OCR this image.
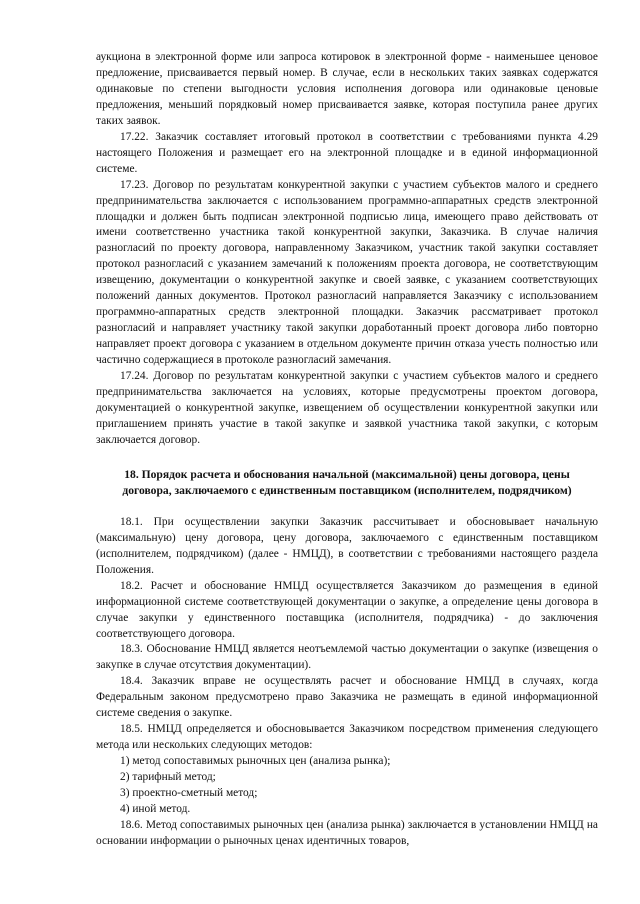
аукциона в электронной форме или запроса котировок в электронной форме - наименьшее ценовое предложение, присваивается первый номер. В случае, если в нескольких таких заявках содержатся одинаковые по степени выгодности условия исполнения договора или одинаковые ценовые предложения, меньший порядковый номер присваивается заявке, которая поступила ранее других таких заявок.

17.22. Заказчик составляет итоговый протокол в соответствии с требованиями пункта 4.29 настоящего Положения и размещает его на электронной площадке и в единой информационной системе.

17.23. Договор по результатам конкурентной закупки с участием субъектов малого и среднего предпринимательства заключается с использованием программно-аппаратных средств электронной площадки и должен быть подписан электронной подписью лица, имеющего право действовать от имени соответственно участника такой конкурентной закупки, Заказчика. В случае наличия разногласий по проекту договора, направленному Заказчиком, участник такой закупки составляет протокол разногласий с указанием замечаний к положениям проекта договора, не соответствующим извещению, документации о конкурентной закупке и своей заявке, с указанием соответствующих положений данных документов. Протокол разногласий направляется Заказчику с использованием программно-аппаратных средств электронной площадки. Заказчик рассматривает протокол разногласий и направляет участнику такой закупки доработанный проект договора либо повторно направляет проект договора с указанием в отдельном документе причин отказа учесть полностью или частично содержащиеся в протоколе разногласий замечания.

17.24. Договор по результатам конкурентной закупки с участием субъектов малого и среднего предпринимательства заключается на условиях, которые предусмотрены проектом договора, документацией о конкурентной закупке, извещением об осуществлении конкурентной закупки или приглашением принять участие в такой закупке и заявкой участника такой закупки, с которым заключается договор.

18. Порядок расчета и обоснования начальной (максимальной) цены договора, цены договора, заключаемого с единственным поставщиком (исполнителем, подрядчиком)

18.1. При осуществлении закупки Заказчик рассчитывает и обосновывает начальную (максимальную) цену договора, цену договора, заключаемого с единственным поставщиком (исполнителем, подрядчиком) (далее - НМЦД), в соответствии с требованиями настоящего раздела Положения.

18.2. Расчет и обоснование НМЦД осуществляется Заказчиком до размещения в единой информационной системе соответствующей документации о закупке, а определение цены договора в случае закупки у единственного поставщика (исполнителя, подрядчика) - до заключения соответствующего договора.

18.3. Обоснование НМЦД является неотъемлемой частью документации о закупке (извещения о закупке в случае отсутствия документации).

18.4. Заказчик вправе не осуществлять расчет и обоснование НМЦД в случаях, когда Федеральным законом предусмотрено право Заказчика не размещать в единой информационной системе сведения о закупке.

18.5. НМЦД определяется и обосновывается Заказчиком посредством применения следующего метода или нескольких следующих методов:

1) метод сопоставимых рыночных цен (анализа рынка);

2) тарифный метод;

3) проектно-сметный метод;

4) иной метод.

18.6. Метод сопоставимых рыночных цен (анализа рынка) заключается в установлении НМЦД на основании информации о рыночных ценах идентичных товаров,
